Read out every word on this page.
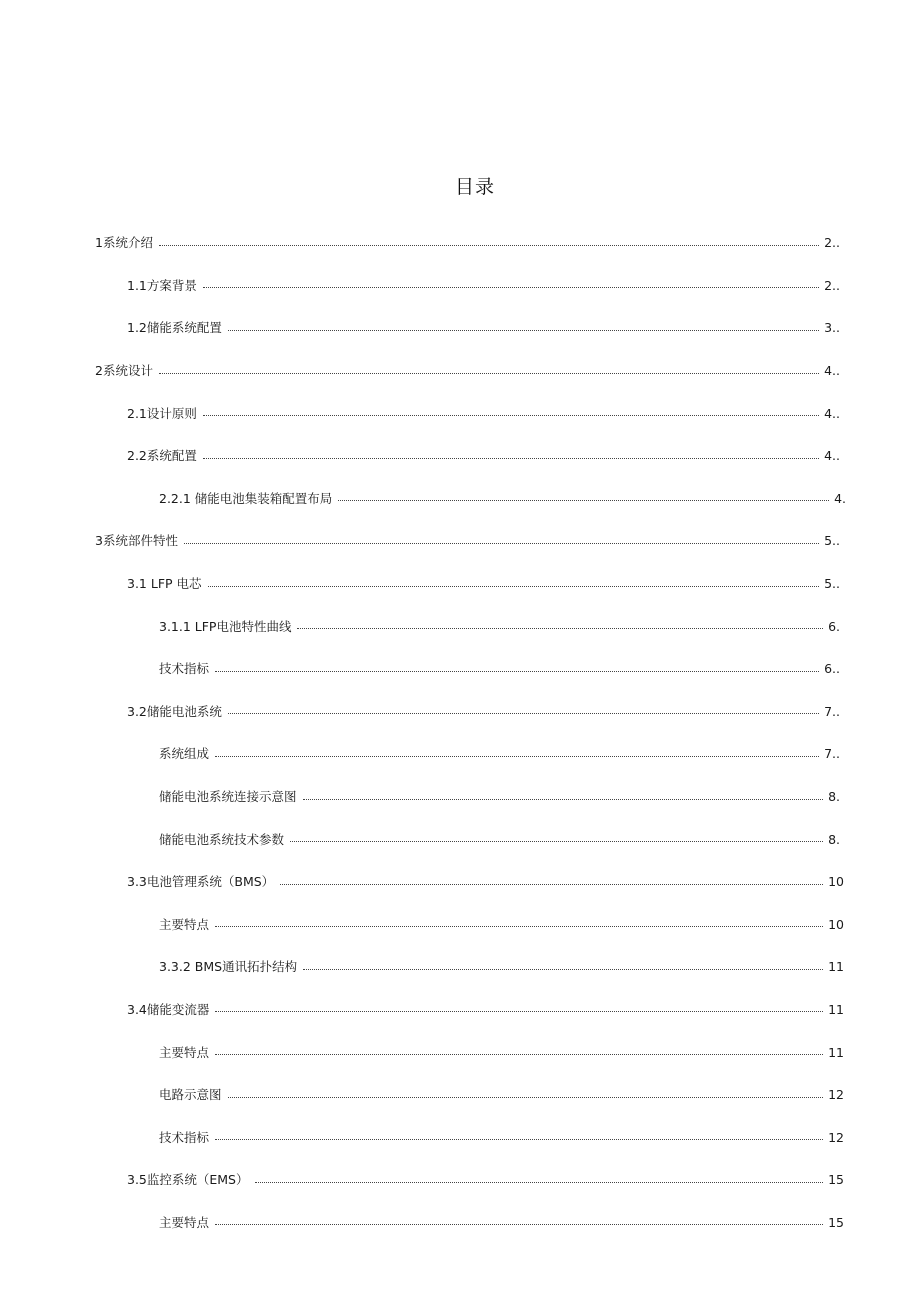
目录
1系统介绍	2..
1.1方案背景	2..
1.2储能系统配置	3..
2系统设计	4..
2.1设计原则	4..
2.2系统配置	4..
2.2.1 储能电池集装箱配置布局	4.
3系统部件特性	5..
3.1 LFP 电芯	5..
3.1.1 LFP电池特性曲线	6.
技术指标	6..
3.2储能电池系统	7..
系统组成	7..
储能电池系统连接示意图	8.
储能电池系统技术参数	8.
3.3电池管理系统（BMS）	10
主要特点	10
3.3.2 BMS通讯拓扑结构	11
3.4储能变流器	11
主要特点	11
电路示意图	12
技术指标	12
3.5监控系统（EMS）	15
主要特点	15
